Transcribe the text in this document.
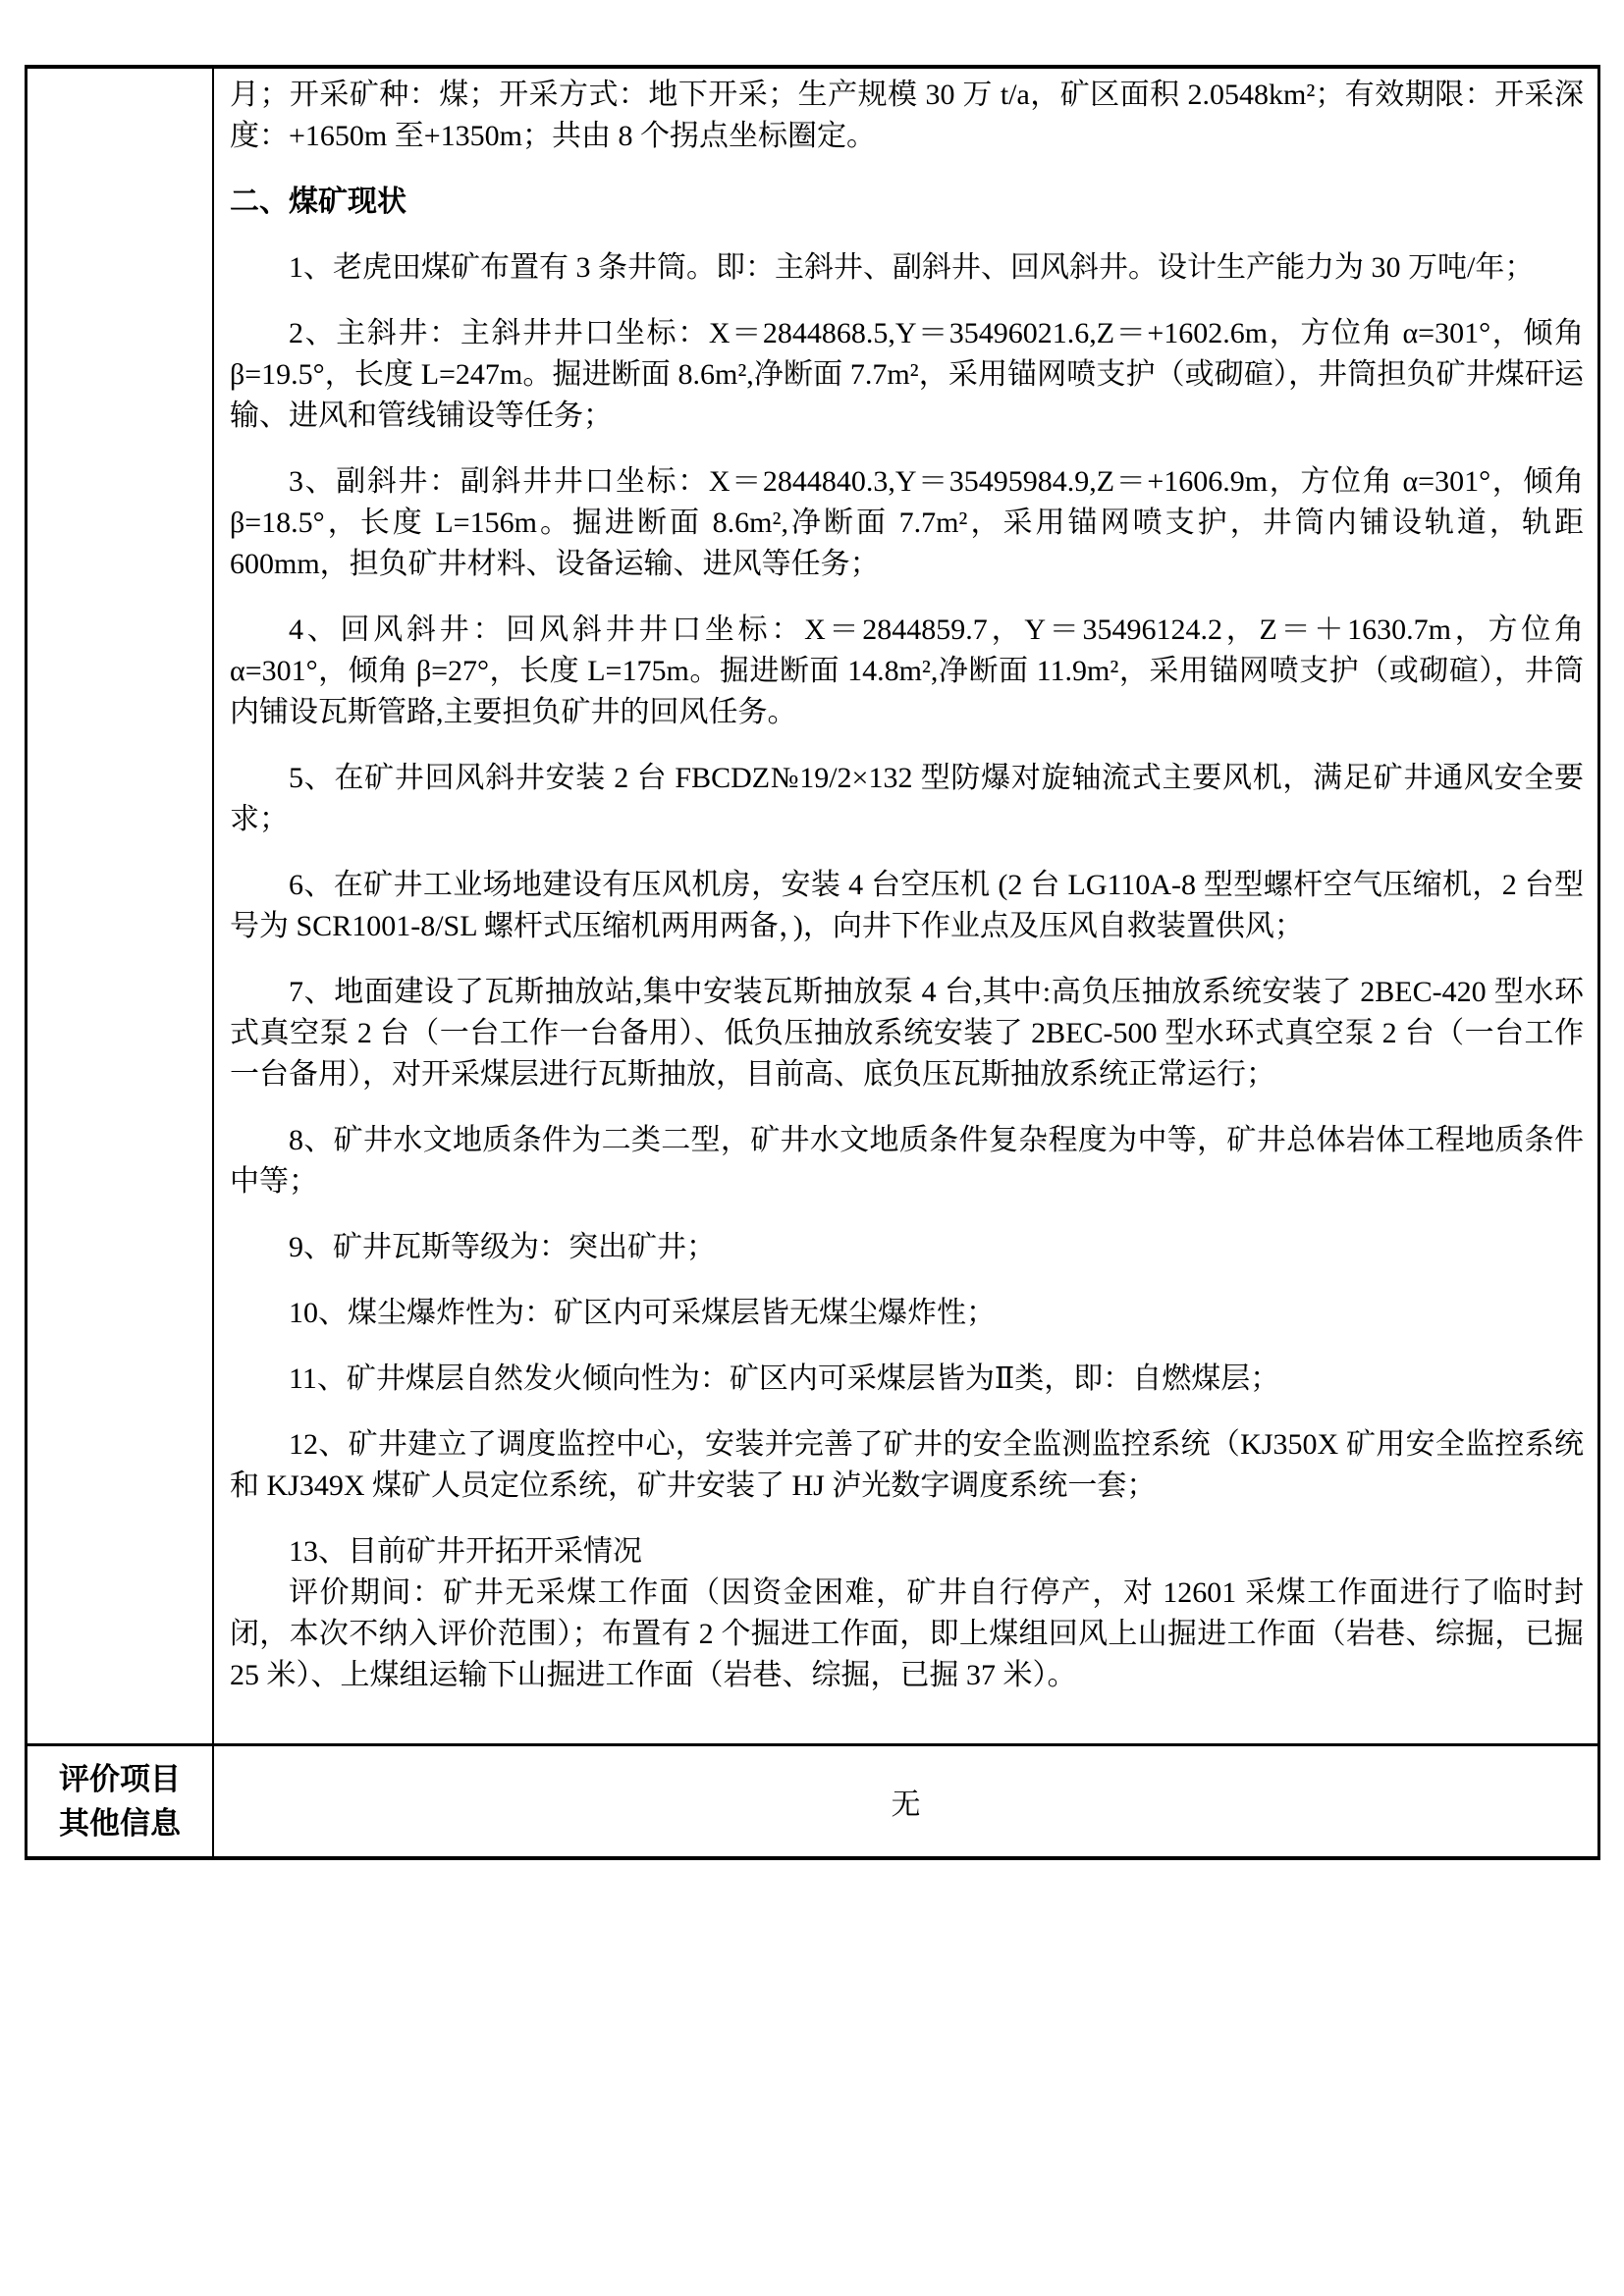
月；开采矿种：煤；开采方式：地下开采；生产规模 30 万 t/a，矿区面积 2.0548km²；有效期限：开采深度：+1650m 至+1350m；共由 8 个拐点坐标圈定。

二、煤矿现状

1、老虎田煤矿布置有 3 条井筒。即：主斜井、副斜井、回风斜井。设计生产能力为 30 万吨/年；

2、主斜井：主斜井井口坐标：X＝2844868.5,Y＝35496021.6,Z＝+1602.6m，方位角 α=301°，倾角 β=19.5°，长度 L=247m。掘进断面 8.6m²,净断面 7.7m²，采用锚网喷支护（或砌碹），井筒担负矿井煤矸运输、进风和管线铺设等任务；

3、副斜井：副斜井井口坐标：X＝2844840.3,Y＝35495984.9,Z＝+1606.9m，方位角 α=301°，倾角 β=18.5°，长度 L=156m。掘进断面 8.6m²,净断面 7.7m²，采用锚网喷支护，井筒内铺设轨道，轨距 600mm，担负矿井材料、设备运输、进风等任务；

4、回风斜井：回风斜井井口坐标：X＝2844859.7，Y＝35496124.2，Z＝＋1630.7m，方位角 α=301°，倾角 β=27°，长度 L=175m。掘进断面 14.8m²,净断面 11.9m²，采用锚网喷支护（或砌碹），井筒内铺设瓦斯管路,主要担负矿井的回风任务。

5、在矿井回风斜井安装 2 台 FBCDZ№19/2×132 型防爆对旋轴流式主要风机，满足矿井通风安全要求；

6、在矿井工业场地建设有压风机房，安装 4 台空压机 (2 台 LG110A-8 型型螺杆空气压缩机，2 台型号为 SCR1001-8/SL 螺杆式压缩机两用两备，)，向井下作业点及压风自救装置供风；

7、地面建设了瓦斯抽放站,集中安装瓦斯抽放泵 4 台,其中:高负压抽放系统安装了 2BEC-420 型水环式真空泵 2 台（一台工作一台备用）、低负压抽放系统安装了 2BEC-500 型水环式真空泵 2 台（一台工作一台备用），对开采煤层进行瓦斯抽放，目前高、底负压瓦斯抽放系统正常运行；

8、矿井水文地质条件为二类二型，矿井水文地质条件复杂程度为中等，矿井总体岩体工程地质条件中等；

9、矿井瓦斯等级为：突出矿井；

10、煤尘爆炸性为：矿区内可采煤层皆无煤尘爆炸性；

11、矿井煤层自然发火倾向性为：矿区内可采煤层皆为Ⅱ类，即：自燃煤层；

12、矿井建立了调度监控中心，安装并完善了矿井的安全监测监控系统（KJ350X 矿用安全监控系统和 KJ349X 煤矿人员定位系统，矿井安装了 HJ 泸光数字调度系统一套；

13、目前矿井开拓开采情况

评价期间：矿井无采煤工作面（因资金困难，矿井自行停产，对 12601 采煤工作面进行了临时封闭，本次不纳入评价范围）；布置有 2 个掘进工作面，即上煤组回风上山掘进工作面（岩巷、综掘，已掘 25 米）、上煤组运输下山掘进工作面（岩巷、综掘，已掘 37 米）。

评价项目
其他信息
无
